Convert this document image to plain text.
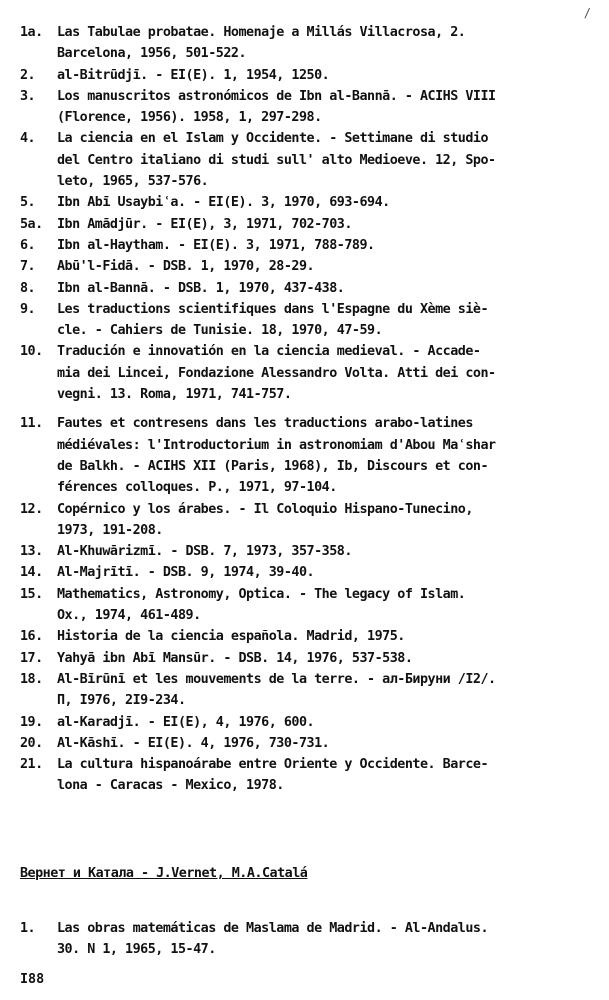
/
1a. Las Tabulae probatae. Homenaje a Millás Villacrosa, 2.
Barcelona, 1956, 501-522.
2. al-Bitrūdjī. - EI(E). 1, 1954, 1250.
3. Los manuscritos astronómicos de Ibn al-Bannā. - ACIHS VIII
(Florence, 1956). 1958, 1, 297-298.
4. La ciencia en el Islam y Occidente. - Settimane di studio
del Centro italiano di studi sull' alto Medioeve. 12, Spo-
leto, 1965, 537-576.
5. Ibn Abī Usaybiʿa. - EI(E). 3, 1970, 693-694.
5a. Ibn Amādjūr. - EI(E), 3, 1971, 702-703.
6. Ibn al-Haytham. - EI(E). 3, 1971, 788-789.
7. Abū'l-Fidā. - DSB. 1, 1970, 28-29.
8. Ibn al-Bannā. - DSB. 1, 1970, 437-438.
9. Les traductions scientifiques dans l'Espagne du Xème siè-
cle. - Cahiers de Tunisie. 18, 1970, 47-59.
10. Tradución e innovatión en la ciencia medieval. - Accade-
mia dei Lincei, Fondazione Alessandro Volta. Atti dei con-
vegni. 13. Roma, 1971, 741-757.
11. Fautes et contresens dans les traductions arabo-latines
médiévales: l'Introductorium in astronomiam d'Abou Maʿshar
de Balkh. - ACIHS XII (Paris, 1968), Ib, Discours et con-
férences colloques. P., 1971, 97-104.
12. Copérnico y los árabes. - Il Coloquio Hispano-Tunecino,
1973, 191-208.
13. Al-Khuwārizmī. - DSB. 7, 1973, 357-358.
14. Al-Majrītī. - DSB. 9, 1974, 39-40.
15. Mathematics, Astronomy, Optica. - The legacy of Islam.
Ox., 1974, 461-489.
16. Historia de la ciencia española. Madrid, 1975.
17. Yahyā ibn Abī Mansūr. - DSB. 14, 1976, 537-538.
18. Al-Bīrūnī et les mouvements de la terre. - ал-Бируни /I2/.
П, I976, 2I9-234.
19. al-Karadjī. - EI(E), 4, 1976, 600.
20. Al-Kāshī. - EI(E). 4, 1976, 730-731.
21. La cultura hispanoárabe entre Oriente y Occidente. Barce-
lona - Caracas - Mexico, 1978.
Вернет и Катала - J.Vernet, M.A.Catalá
1. Las obras matemáticas de Maslama de Madrid. - Al-Andalus.
30. N 1, 1965, 15-47.
I88
